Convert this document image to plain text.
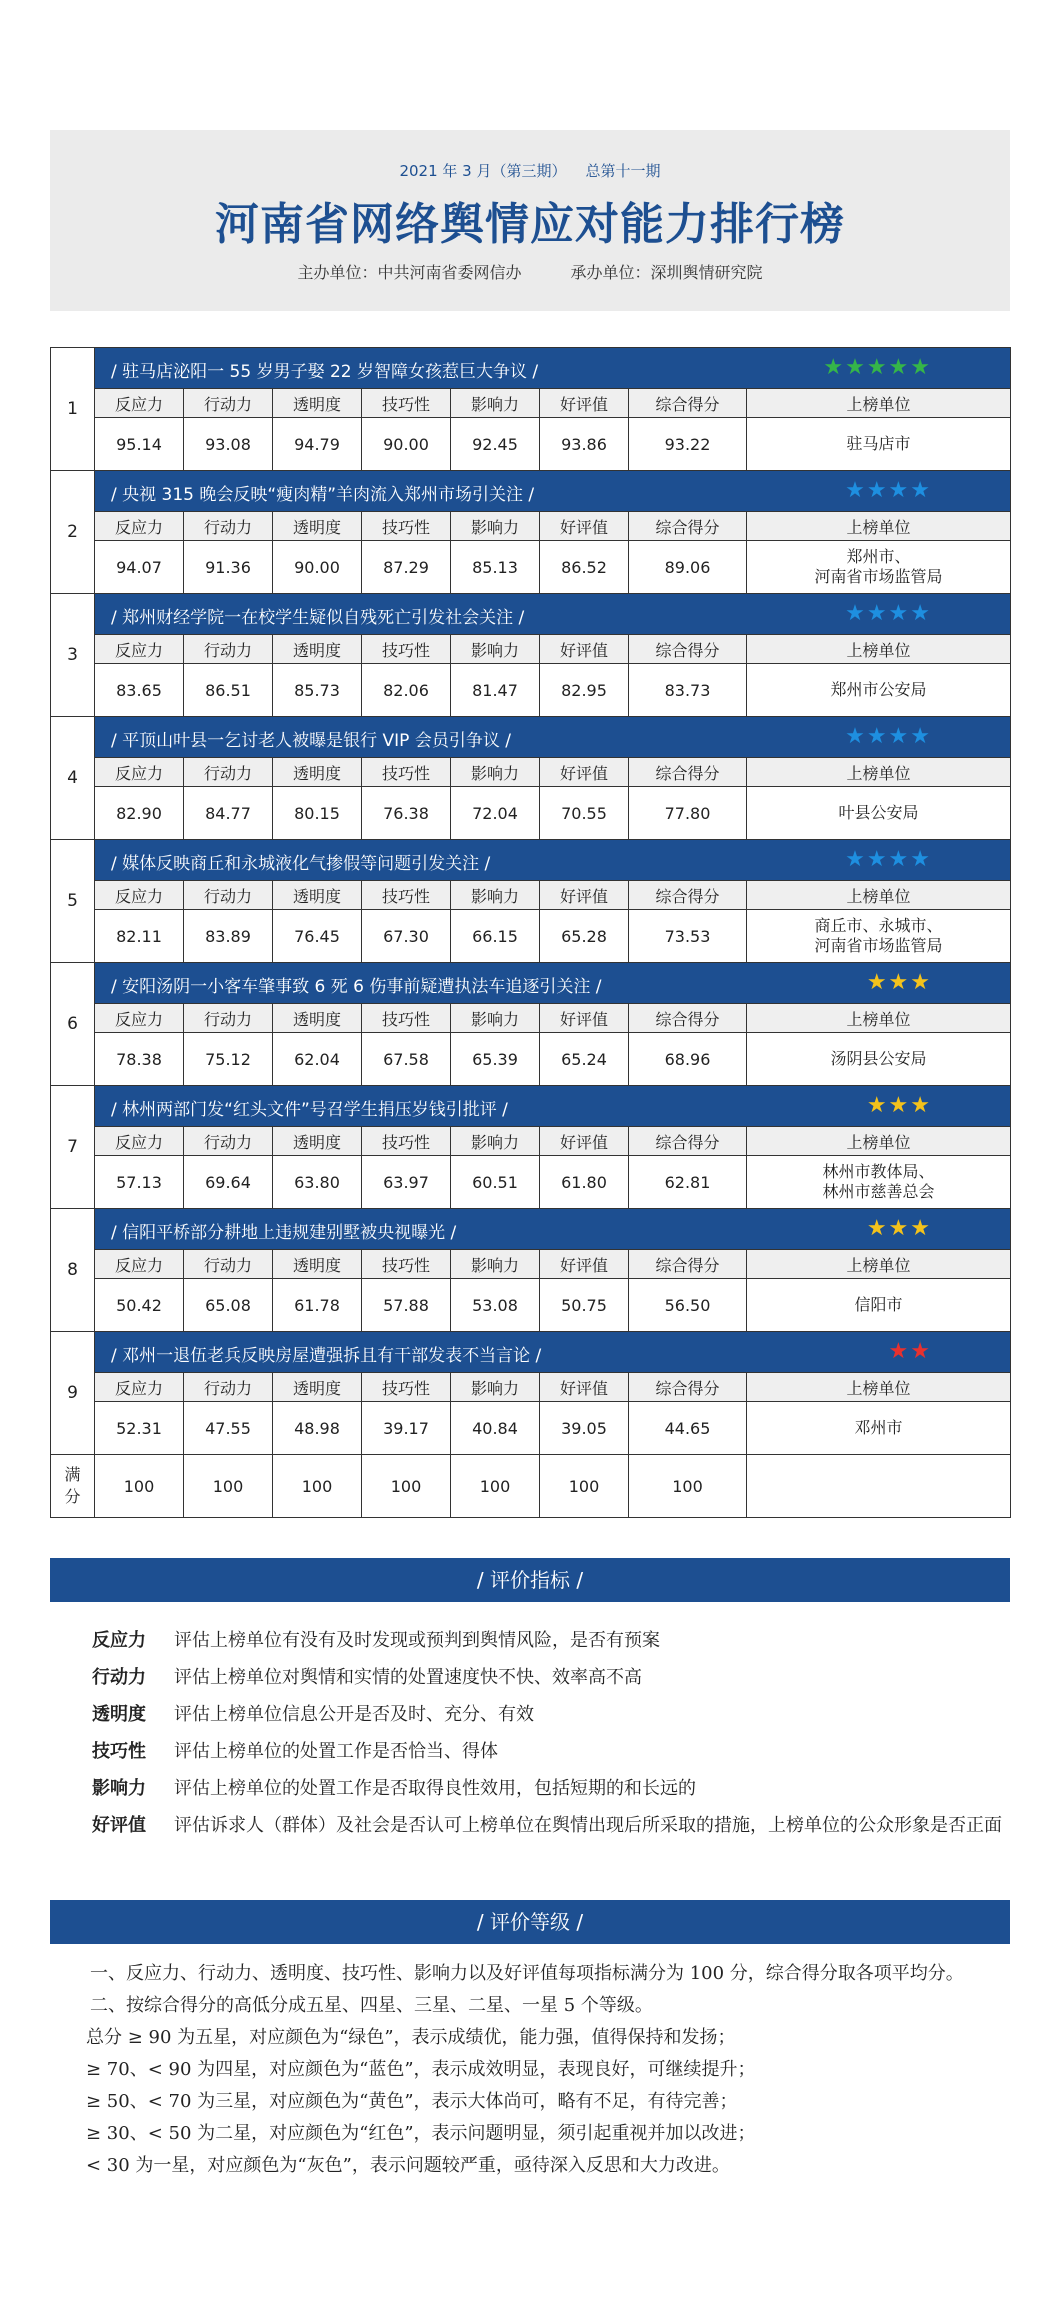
2021 年 3 月（第三期）    总第十一期
河南省网络舆情应对能力排行榜
主办单位：中共河南省委网信办	承办单位：深圳舆情研究院
1	/ 驻马店泌阳一 55 岁男子娶 22 岁智障女孩惹巨大争议 / ★★★★★							

	反应力	行动力	透明度	技巧性	影响力	好评值	综合得分	上榜单位
	95.14	93.08	94.79	90.00	92.45	93.86	93.22	驻马店市
2	/ 央视 315 晚会反映“瘦肉精”羊肉流入郑州市场引关注 / ★★★★							

	反应力	行动力	透明度	技巧性	影响力	好评值	综合得分	上榜单位
	94.07	91.36	90.00	87.29	85.13	86.52	89.06	郑州市、
河南省市场监管局
3	/ 郑州财经学院一在校学生疑似自残死亡引发社会关注 / ★★★★							

	反应力	行动力	透明度	技巧性	影响力	好评值	综合得分	上榜单位
	83.65	86.51	85.73	82.06	81.47	82.95	83.73	郑州市公安局
4	/ 平顶山叶县一乞讨老人被曝是银行 VIP 会员引争议 / ★★★★							

	反应力	行动力	透明度	技巧性	影响力	好评值	综合得分	上榜单位
	82.90	84.77	80.15	76.38	72.04	70.55	77.80	叶县公安局
5	/ 媒体反映商丘和永城液化气掺假等问题引发关注 / ★★★★							

	反应力	行动力	透明度	技巧性	影响力	好评值	综合得分	上榜单位
	82.11	83.89	76.45	67.30	66.15	65.28	73.53	商丘市、永城市、
河南省市场监管局
6	/ 安阳汤阴一小客车肇事致 6 死 6 伤事前疑遭执法车追逐引关注 / ★★★							

	反应力	行动力	透明度	技巧性	影响力	好评值	综合得分	上榜单位
	78.38	75.12	62.04	67.58	65.39	65.24	68.96	汤阴县公安局
7	/ 林州两部门发“红头文件”号召学生捐压岁钱引批评 / ★★★							

	反应力	行动力	透明度	技巧性	影响力	好评值	综合得分	上榜单位
	57.13	69.64	63.80	63.97	60.51	61.80	62.81	林州市教体局、
林州市慈善总会
8	/ 信阳平桥部分耕地上违规建别墅被央视曝光 / ★★★							

	反应力	行动力	透明度	技巧性	影响力	好评值	综合得分	上榜单位
	50.42	65.08	61.78	57.88	53.08	50.75	56.50	信阳市
9	/ 邓州一退伍老兵反映房屋遭强拆且有干部发表不当言论 / ★★							

	反应力	行动力	透明度	技巧性	影响力	好评值	综合得分	上榜单位
	52.31	47.55	48.98	39.17	40.84	39.05	44.65	邓州市
满
分	100	100	100	100	100	100	100	
/ 评价指标 /
反应力 评估上榜单位有没有及时发现或预判到舆情风险，是否有预案
行动力 评估上榜单位对舆情和实情的处置速度快不快、效率高不高
透明度 评估上榜单位信息公开是否及时、充分、有效
技巧性 评估上榜单位的处置工作是否恰当、得体
影响力 评估上榜单位的处置工作是否取得良性效用，包括短期的和长远的
好评值 评估诉求人（群体）及社会是否认可上榜单位在舆情出现后所采取的措施，上榜单位的公众形象是否正面
/ 评价等级 /

一、反应力、行动力、透明度、技巧性、影响力以及好评值每项指标满分为 100 分，综合得分取各项平均分。

二、按综合得分的高低分成五星、四星、三星、二星、一星 5 个等级。

总分 ≥ 90 为五星，对应颜色为“绿色”，表示成绩优，能力强，值得保持和发扬；

≥ 70、< 90 为四星，对应颜色为“蓝色”，表示成效明显，表现良好，可继续提升；

≥ 50、< 70 为三星，对应颜色为“黄色”，表示大体尚可，略有不足，有待完善；

≥ 30、< 50 为二星，对应颜色为“红色”，表示问题明显，须引起重视并加以改进；

< 30 为一星，对应颜色为“灰色”，表示问题较严重，亟待深入反思和大力改进。
